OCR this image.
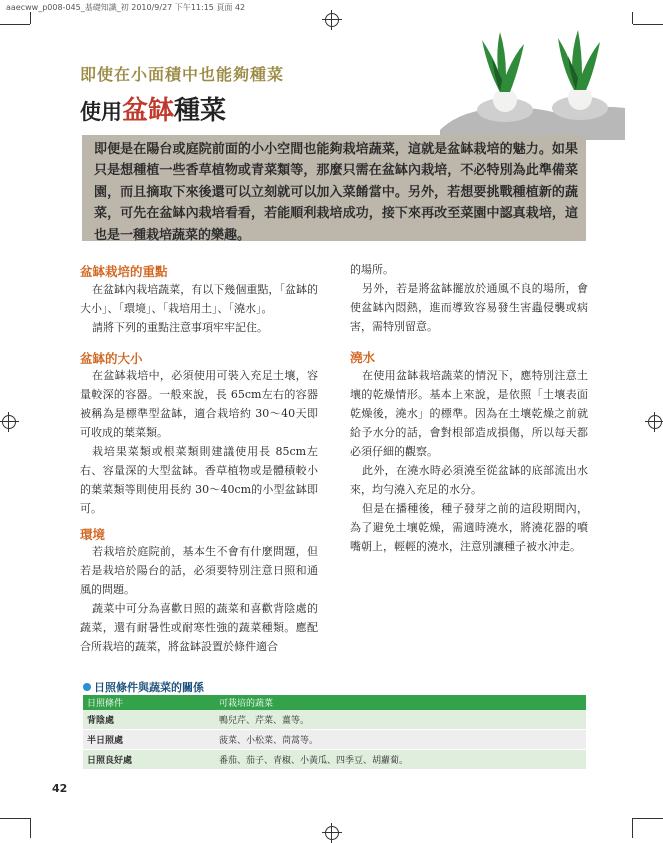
aaecww_p008-045_基礎知識_初 2010/9/27 下午11:15 頁面 42
即使在小面積中也能夠種菜
使用盆缽種菜
即便是在陽台或庭院前面的小小空間也能夠栽培蔬菜，這就是盆缽栽培的魅力。如果只是想種植一些香草植物或青菜類等，那麼只需在盆缽內栽培，不必特別為此準備菜園，而且摘取下來後還可以立刻就可以加入菜餚當中。另外，若想要挑戰種植新的蔬菜，可先在盆缽內栽培看看，若能順利栽培成功，接下來再改至菜園中認真栽培，這也是一種栽培蔬菜的樂趣。
盆缽栽培的重點

在盆缽內栽培蔬菜，有以下幾個重點，「盆缽的大小」、「環境」、「栽培用土」、「澆水」。

請將下列的重點注意事項牢牢記住。

盆缽的大小

在盆缽栽培中，必須使用可裝入充足土壤，容量較深的容器。一般來說，長 65cm左右的容器被稱為是標準型盆缽，適合栽培約 30～40天即可收成的葉菜類。

栽培果菜類或根菜類則建議使用長 85cm左右、容量深的大型盆缽。香草植物或是體積較小的葉菜類等則使用長約 30～40cm的小型盆缽即可。

環境

若栽培於庭院前，基本生不會有什麼問題，但若是栽培於陽台的話，必須要特別注意日照和通風的問題。

蔬菜中可分為喜歡日照的蔬菜和喜歡背陰處的蔬菜，還有耐暑性或耐寒性強的蔬菜種類。應配合所栽培的蔬菜，將盆缽設置於條件適合

的場所。

另外，若是將盆缽擺放於通風不良的場所，會使盆缽內悶熱，進而導致容易發生害蟲侵襲或病害，需特別留意。

澆水

在使用盆缽栽培蔬菜的情況下，應特別注意土壤的乾燥情形。基本上來說，是依照「土壤表面乾燥後，澆水」的標準。因為在土壤乾燥之前就給予水分的話，會對根部造成損傷，所以每天都必須仔細的觀察。

此外，在澆水時必須澆至從盆缽的底部流出水來，均勻澆入充足的水分。

但是在播種後，種子發芽之前的這段期間內，為了避免土壤乾燥，需適時澆水，將澆花器的噴嘴朝上，輕輕的澆水，注意別讓種子被水沖走。

日照條件與蔬菜的關係
日照條件	可栽培的蔬菜
背陰處	鴨兒芹、芹菜、薑等。
半日照處	菠菜、小松菜、茼蒿等。
日照良好處	番茄、茄子、青椒、小黃瓜、四季豆、胡蘿蔔。
42
